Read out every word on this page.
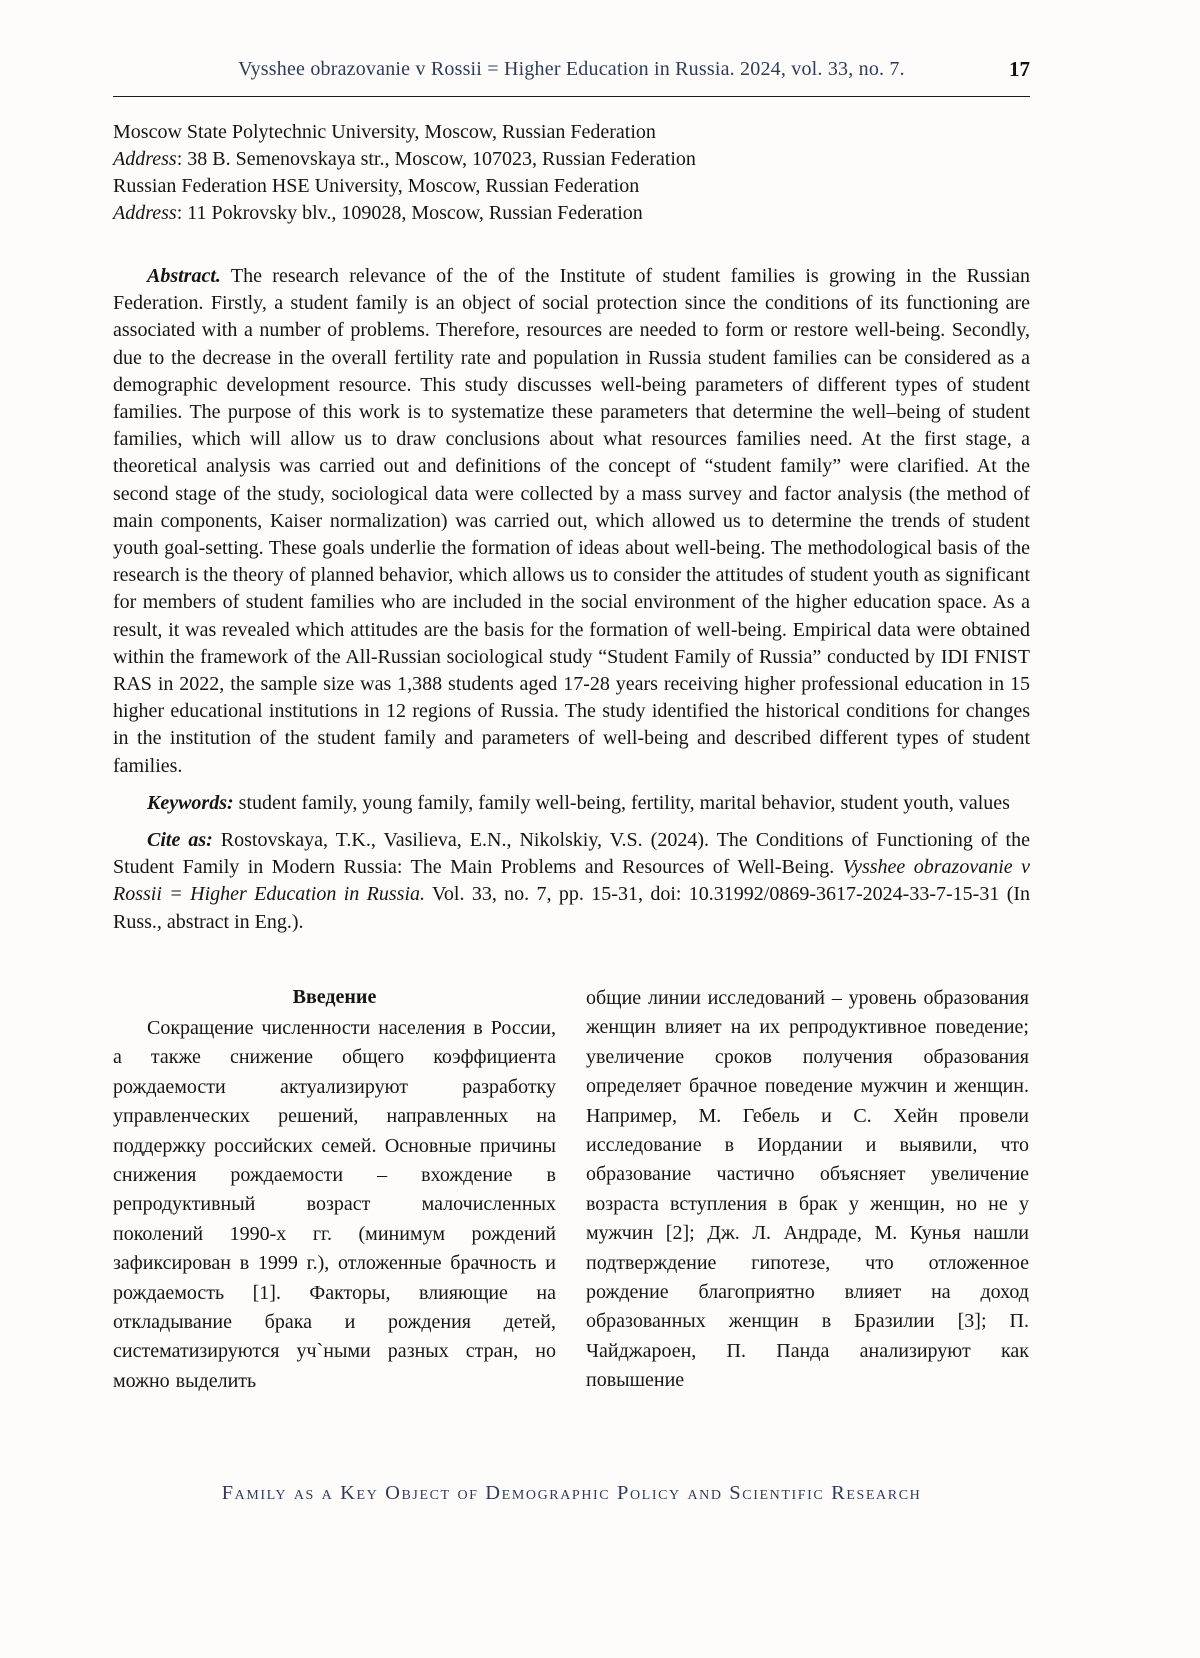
Vysshee obrazovanie v Rossii = Higher Education in Russia. 2024, vol. 33, no. 7.	17
Moscow State Polytechnic University, Moscow, Russian Federation
Address: 38 B. Semenovskaya str., Moscow, 107023, Russian Federation
Russian Federation HSE University, Moscow, Russian Federation
Address: 11 Pokrovsky blv., 109028, Moscow, Russian Federation

Abstract. The research relevance of the of the Institute of student families is growing in the Russian Federation. Firstly, a student family is an object of social protection since the conditions of its functioning are associated with a number of problems. Therefore, resources are needed to form or restore well-being. Secondly, due to the decrease in the overall fertility rate and population in Russia student families can be considered as a demographic development resource. This study discusses well-being parameters of different types of student families. The purpose of this work is to systematize these parameters that determine the well–being of student families, which will allow us to draw conclusions about what resources families need. At the first stage, a theoretical analysis was carried out and definitions of the concept of “student family” were clarified. At the second stage of the study, sociological data were collected by a mass survey and factor analysis (the method of main components, Kaiser normalization) was carried out, which allowed us to determine the trends of student youth goal-setting. These goals underlie the formation of ideas about well-being. The methodological basis of the research is the theory of planned behavior, which allows us to consider the attitudes of student youth as significant for members of student families who are included in the social environment of the higher education space. As a result, it was revealed which attitudes are the basis for the formation of well-being. Empirical data were obtained within the framework of the All-Russian sociological study “Student Family of Russia” conducted by IDI FNIST RAS in 2022, the sample size was 1,388 students aged 17-28 years receiving higher professional education in 15 higher educational institutions in 12 regions of Russia. The study identified the historical conditions for changes in the institution of the student family and parameters of well-being and described different types of student families.

Keywords: student family, young family, family well-being, fertility, marital behavior, student youth, values

Cite as: Rostovskaya, T.K., Vasilieva, E.N., Nikolskiy, V.S. (2024). The Conditions of Functioning of the Student Family in Modern Russia: The Main Problems and Resources of Well-Being. Vysshee obrazovanie v Rossii = Higher Education in Russia. Vol. 33, no. 7, pp. 15-31, doi: 10.31992/0869-3617-2024-33-7-15-31 (In Russ., abstract in Eng.).

Введение

Сокращение численности населения в России, а также снижение общего коэффициента рождаемости актуализируют разработку управленческих решений, направленных на поддержку российских семей. Основные причины снижения рождаемости – вхождение в репродуктивный возраст малочисленных поколений 1990-х гг. (минимум рождений зафиксирован в 1999 г.), отложенные брачность и рождаемость [1]. Факторы, влияющие на откладывание брака и рождения детей, систематизируются уч`ными разных стран, но можно выделить

общие линии исследований – уровень образования женщин влияет на их репродуктивное поведение; увеличение сроков получения образования определяет брачное поведение мужчин и женщин. Например, М. Гебель и С. Хейн провели исследование в Иордании и выявили, что образование частично объясняет увеличение возраста вступления в брак у женщин, но не у мужчин [2]; Дж. Л. Андраде, М. Кунья нашли подтверждение гипотезе, что отложенное рождение благоприятно влияет на доход образованных женщин в Бразилии [3]; П. Чайджароен, П. Панда анализируют как повышение

Family as a Key Object of Demographic Policy and Scientific Research
